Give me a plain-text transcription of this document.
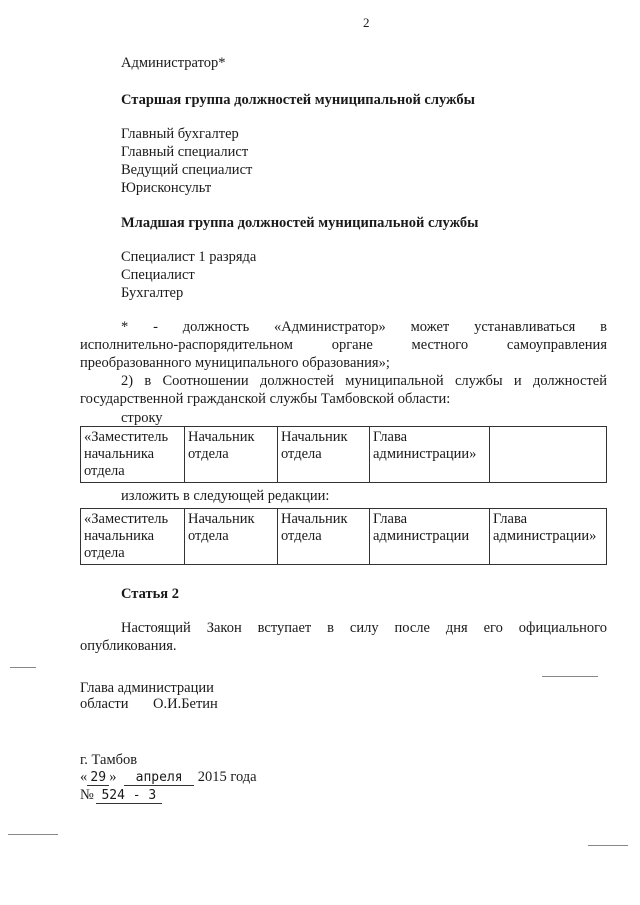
2
Администратор*
Старшая группа должностей муниципальной службы
Главный бухгалтер
Главный специалист
Ведущий специалист
Юрисконсульт
Младшая группа должностей муниципальной службы
Специалист 1 разряда
Специалист
Бухгалтер
* - должность «Администратор» может устанавливаться в
исполнительно-распорядительном органе местного самоуправления
преобразованного муниципального образования»;
2) в Соотношении должностей муниципальной службы и должностей
государственной гражданской службы Тамбовской области:
строку
«Заместитель начальника отдела	Начальник отдела	Начальник отдела	Глава администрации»	
изложить в следующей редакции:
«Заместитель начальника отдела	Начальник отдела	Начальник отдела	Глава администрации	Глава администрации»
Статья 2
Настоящий Закон вступает в силу после дня его официального
опубликования.
Глава администрации
области О.И.Бетин
г. Тамбов
« 29 » апреля 2015 года
№ 524 - 3
